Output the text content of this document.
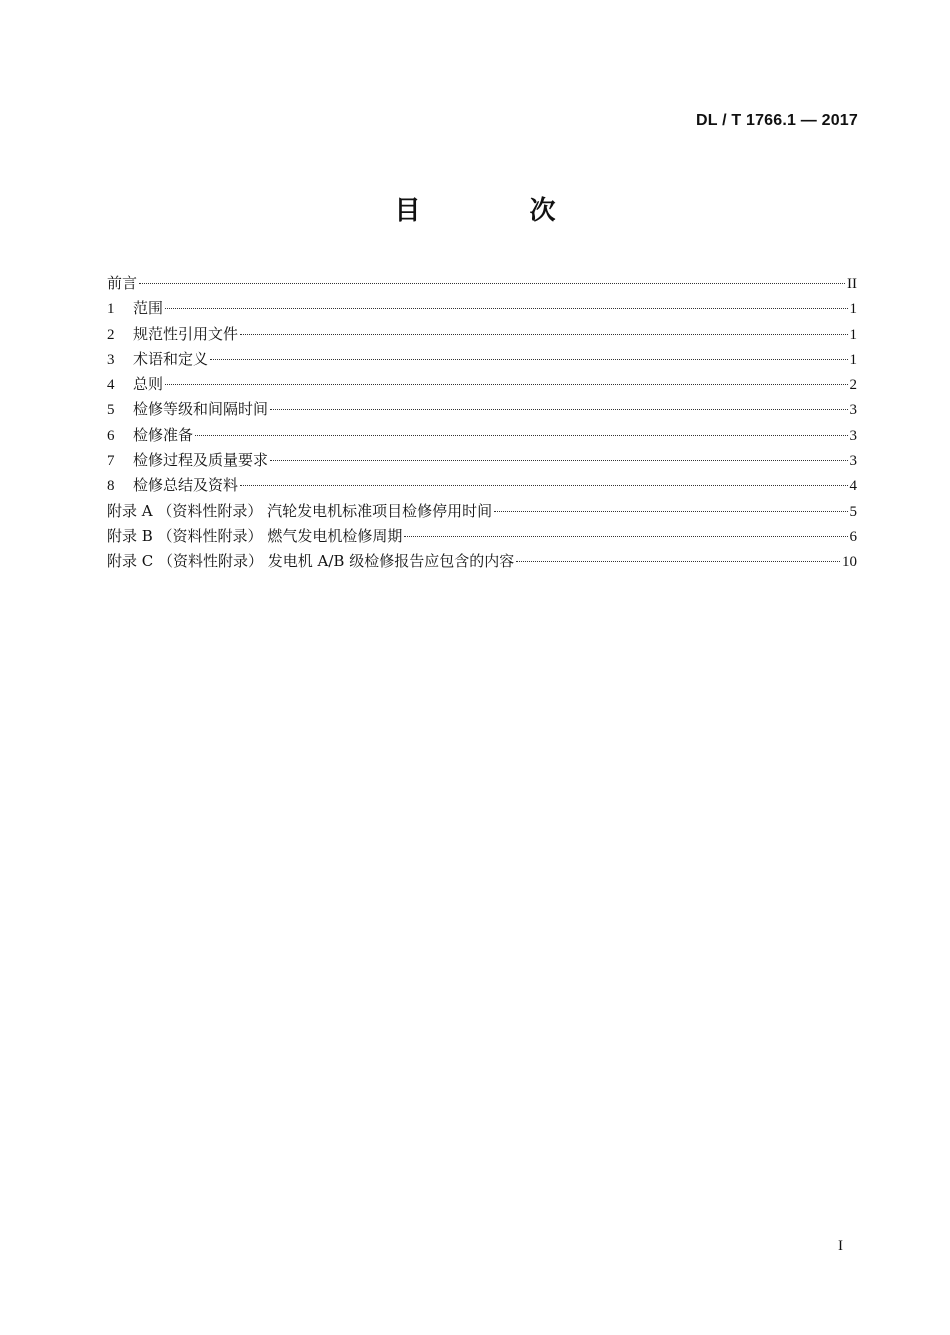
DL / T 1766.1 — 2017
目 次
前言	II
1	范围	1
2	规范性引用文件	1
3	术语和定义	1
4	总则	2
5	检修等级和间隔时间	3
6	检修准备	3
7	检修过程及质量要求	3
8	检修总结及资料	4
附录 A （资料性附录） 汽轮发电机标准项目检修停用时间	5
附录 B （资料性附录） 燃气发电机检修周期	6
附录 C （资料性附录） 发电机 A/B 级检修报告应包含的内容	10
I
